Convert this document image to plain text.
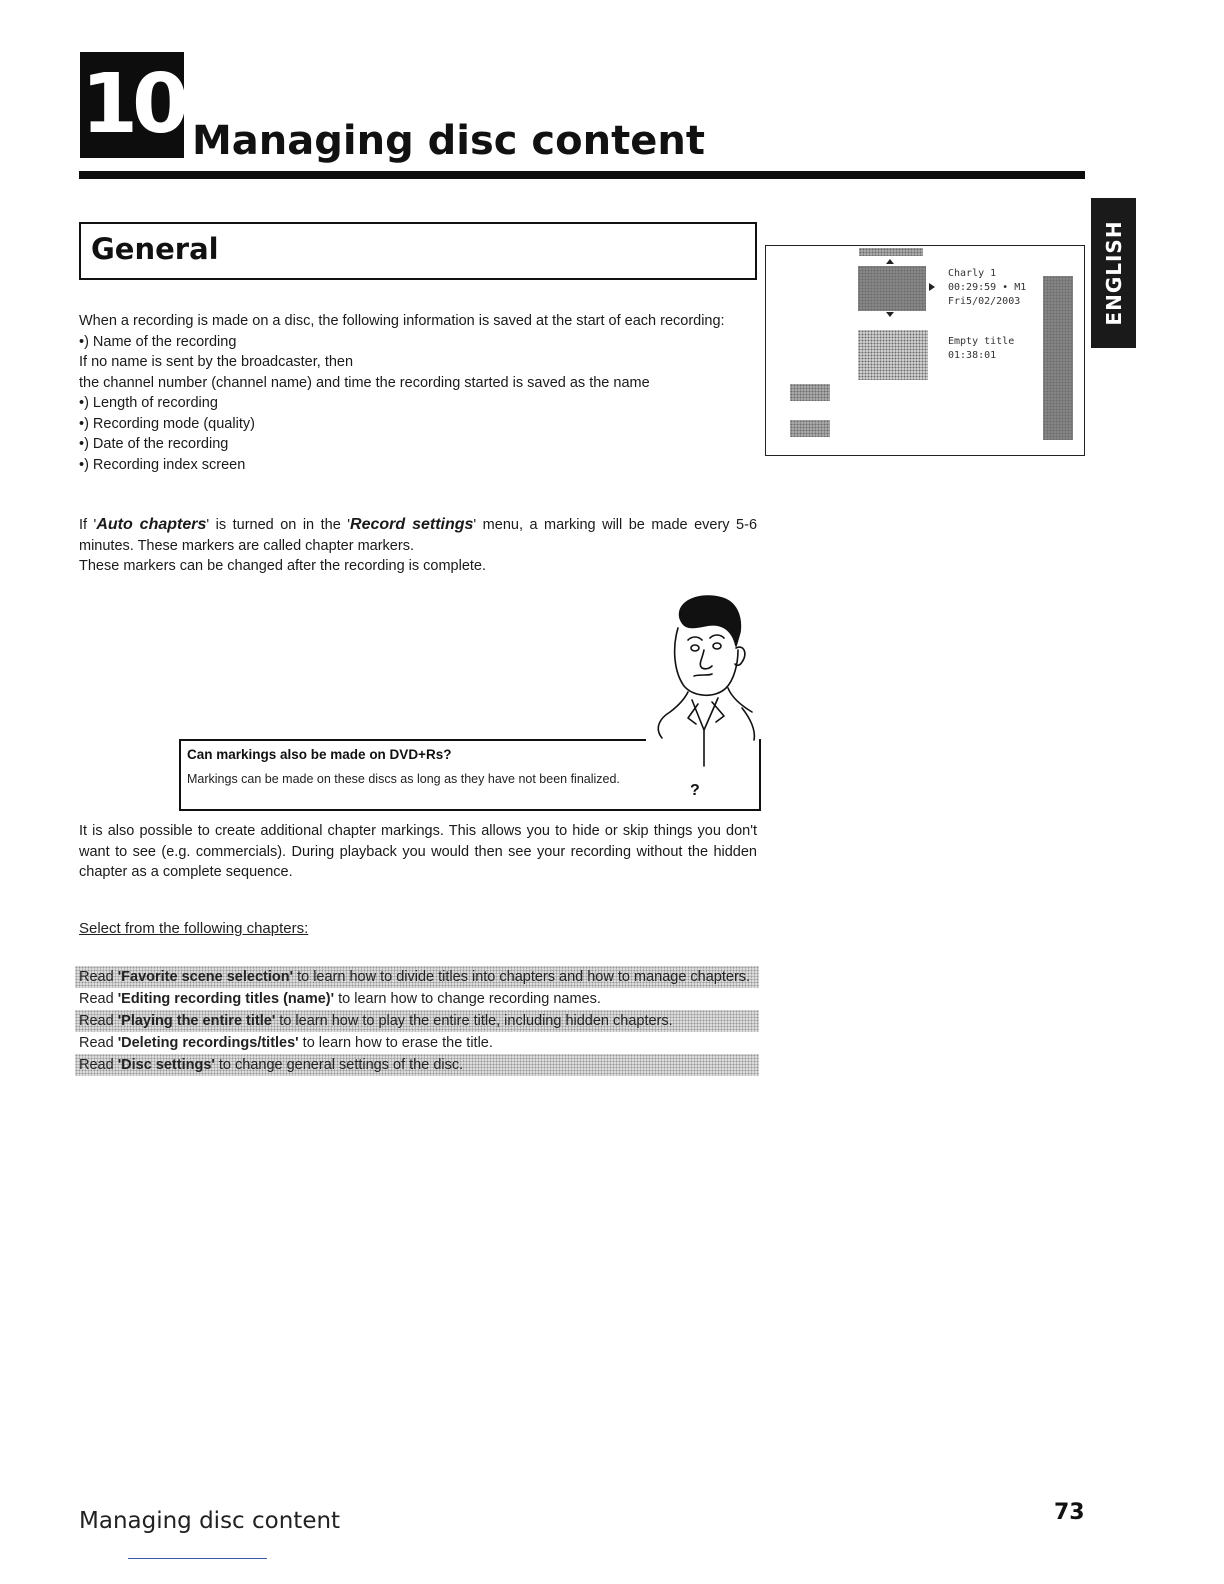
10 Managing disc content
ENGLISH
General

When a recording is made on a disc, the following information is saved at the start of each recording:

•) Name of the recording

If no name is sent by the broadcaster, then

the channel number (channel name) and time the recording started is saved as the name

•) Length of recording

•) Recording mode (quality)

•) Date of the recording

•) Recording index screen

If 'Auto chapters' is turned on in the 'Record settings' menu, a marking will be made every 5-6 minutes. These markers are called chapter markers.

These markers can be changed after the recording is complete.

Charly 1
00:29:59 • M1
Fri5/02/2003
Empty title
01:38:01
Can markings also be made on DVD+Rs?
Markings can be made on these discs as long as they have not been finalized.
?
It is also possible to create additional chapter markings. This allows you to hide or skip things you don't want to see (e.g. commercials). During playback you would then see your recording without the hidden chapter as a complete sequence.
Select from the following chapters:
Read 'Favorite scene selection' to learn how to divide titles into chapters and how to manage chapters.
Read 'Editing recording titles (name)' to learn how to change recording names.
Read 'Playing the entire title' to learn how to play the entire title, including hidden chapters.
Read 'Deleting recordings/titles' to learn how to erase the title.
Read 'Disc settings' to change general settings of the disc.
Managing disc content	73
